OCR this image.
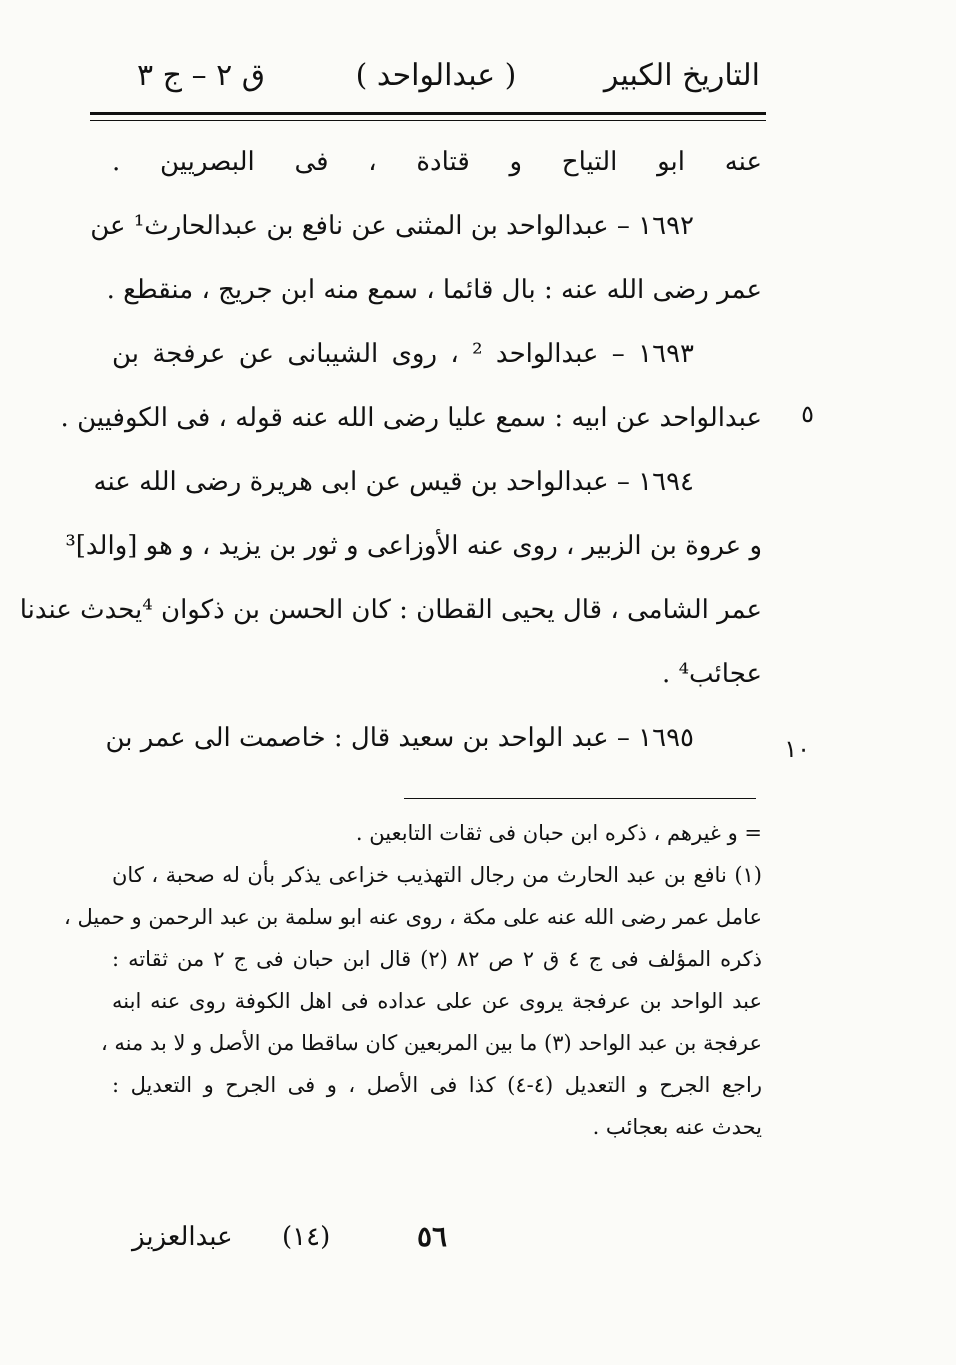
التاريخ الكبير
( عبدالواحد )
ق ٢ – ج ٣
عنه ابو التياح و قتادة ، فى البصريين .
١٦٩٢ – عبدالواحد بن المثنى عن نافع بن عبدالحارث¹ عن
عمر رضى الله عنه : بال قائما ، سمع منه ابن جريج ، منقطع .
١٦٩٣ – عبدالواحد ² ، روى الشيبانى عن عرفجة بن
عبدالواحد عن ابيه : سمع عليا رضى الله عنه قوله ، فى الكوفيين .
١٦٩٤ – عبدالواحد بن قيس عن ابى هريرة رضى الله عنه
و عروة بن الزبير ، روى عنه الأوزاعى و ثور بن يزيد ، و هو [والد]³
عمر الشامى ، قال يحيى القطان : كان الحسن بن ذكوان ⁴يحدث عندنا
عجائب⁴ .
١٦٩٥ – عبد الواحد بن سعيد قال : خاصمت الى عمر بن
٥
١٠
= و غيرهم ، ذكره ابن حبان فى ثقات التابعين .
(١) نافع بن عبد الحارث من رجال التهذيب خزاعى يذكر بأن له صحبة ، كان
عامل عمر رضى الله عنه على مكة ، روى عنه ابو سلمة بن عبد الرحمن و حميل ،
ذكره المؤلف فى ج ٤ ق ٢ ص ٨٢ (٢) قال ابن حبان فى ج ٢ من ثقاته :
عبد الواحد بن عرفجة يروى عن على عداده فى اهل الكوفة روى عنه ابنه
عرفجة بن عبد الواحد (٣) ما بين المربعين كان ساقطا من الأصل و لا بد منه ،
راجع الجرح و التعديل (٤-٤) كذا فى الأصل ، و فى الجرح و التعديل :
يحدث عنه بعجائب .
٥٦
(١٤)
عبدالعزيز
